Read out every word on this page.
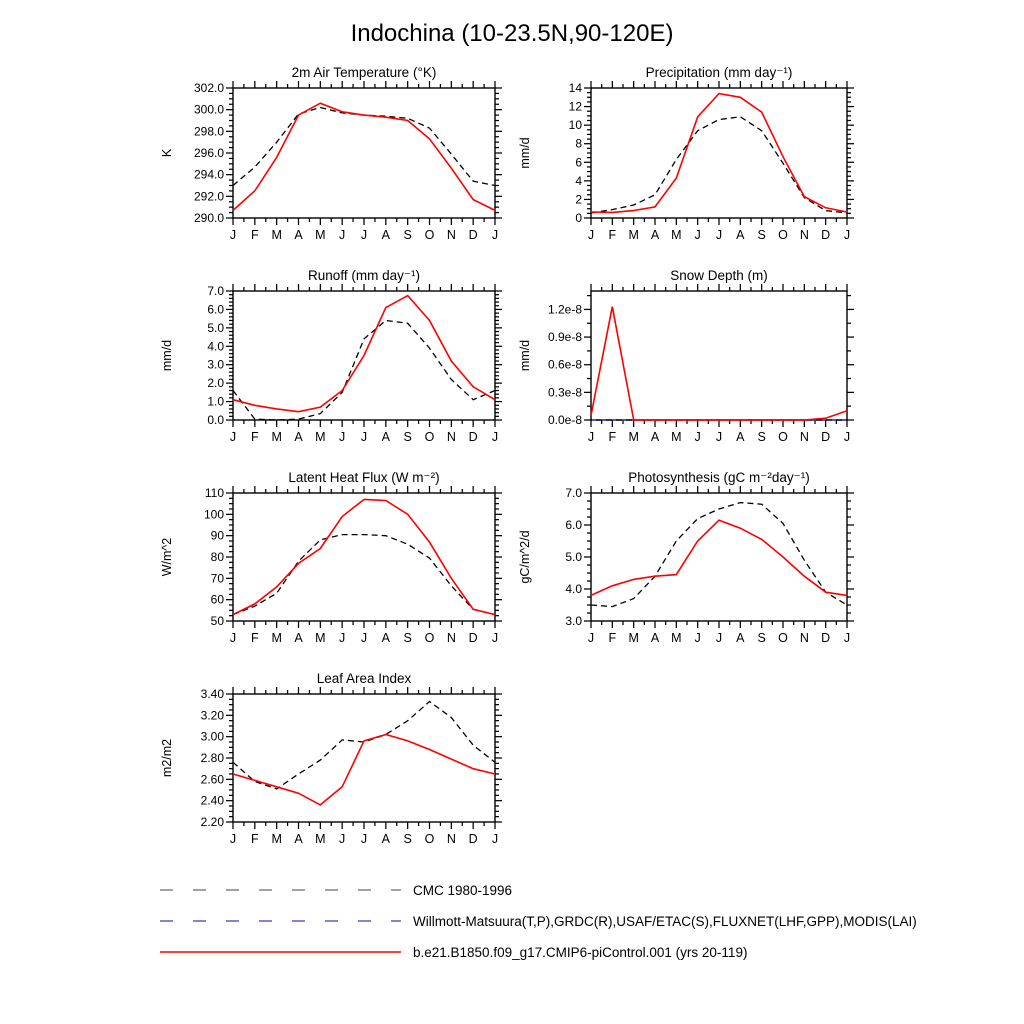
Indochina (10-23.5N,90-120E)
2m Air Temperature (°K)
K
290.0
292.0
294.0
296.0
298.0
300.0
302.0
J F M A M J J A S O N D J
Precipitation (mm day⁻¹)
mm/d
0
2
4
6
8
10
12
14
J F M A M J J A S O N D J
Runoff (mm day⁻¹)
mm/d
0.0
1.0
2.0
3.0
4.0
5.0
6.0
7.0
J F M A M J J A S O N D J
Snow Depth (m)
mm/d
0.0e-8
0.3e-8
0.6e-8
0.9e-8
1.2e-8
J F M A M J J A S O N D J
Latent Heat Flux (W m⁻²)
W/m^2
50
60
70
80
90
100
110
J F M A M J J A S O N D J
Photosynthesis (gC m⁻²day⁻¹)
gC/m^2/d
3.0
4.0
5.0
6.0
7.0
J F M A M J J A S O N D J
Leaf Area Index
m2/m2
2.20
2.40
2.60
2.80
3.00
3.20
3.40
J F M A M J J A S O N D J
CMC 1980-1996
Willmott-Matsuura(T,P),GRDC(R),USAF/ETAC(S),FLUXNET(LHF,GPP),MODIS(LAI)
b.e21.B1850.f09_g17.CMIP6-piControl.001 (yrs 20-119)
